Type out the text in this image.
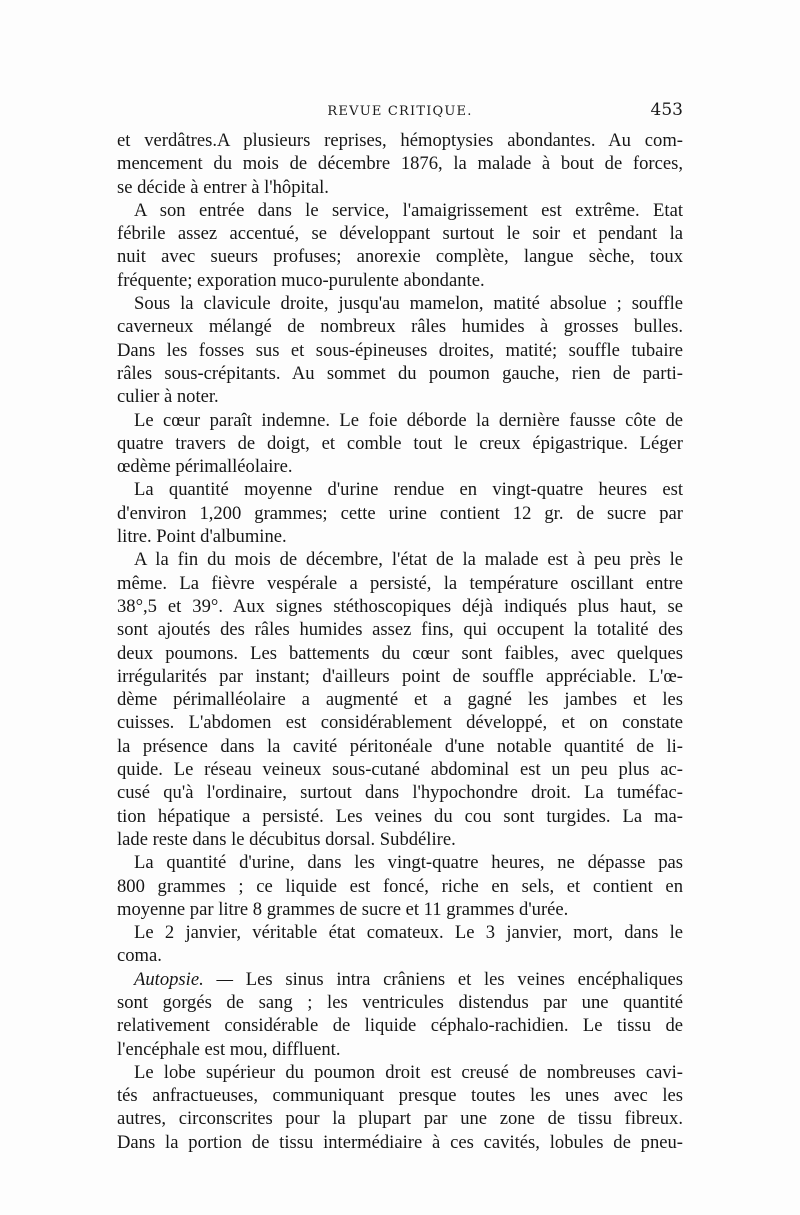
REVUE CRITIQUE.	453
et verdâtres.A plusieurs reprises, hémoptysies abondantes. Au com-
mencement du mois de décembre 1876, la malade à bout de forces,
se décide à entrer à l'hôpital.
A son entrée dans le service, l'amaigrissement est extrême. Etat
fébrile assez accentué, se développant surtout le soir et pendant la
nuit avec sueurs profuses; anorexie complète, langue sèche, toux
fréquente; exporation muco-purulente abondante.
Sous la clavicule droite, jusqu'au mamelon, matité absolue ; souffle
caverneux mélangé de nombreux râles humides à grosses bulles.
Dans les fosses sus et sous-épineuses droites, matité; souffle tubaire
râles sous-crépitants. Au sommet du poumon gauche, rien de parti-
culier à noter.
Le cœur paraît indemne. Le foie déborde la dernière fausse côte de
quatre travers de doigt, et comble tout le creux épigastrique. Léger
œdème périmalléolaire.
La quantité moyenne d'urine rendue en vingt-quatre heures est
d'environ 1,200 grammes; cette urine contient 12 gr. de sucre par
litre. Point d'albumine.
A la fin du mois de décembre, l'état de la malade est à peu près le
même. La fièvre vespérale a persisté, la température oscillant entre
38°,5 et 39°. Aux signes stéthoscopiques déjà indiqués plus haut, se
sont ajoutés des râles humides assez fins, qui occupent la totalité des
deux poumons. Les battements du cœur sont faibles, avec quelques
irrégularités par instant; d'ailleurs point de souffle appréciable. L'œ-
dème périmalléolaire a augmenté et a gagné les jambes et les
cuisses. L'abdomen est considérablement développé, et on constate
la présence dans la cavité péritonéale d'une notable quantité de li-
quide. Le réseau veineux sous-cutané abdominal est un peu plus ac-
cusé qu'à l'ordinaire, surtout dans l'hypochondre droit. La tuméfac-
tion hépatique a persisté. Les veines du cou sont turgides. La ma-
lade reste dans le décubitus dorsal. Subdélire.
La quantité d'urine, dans les vingt-quatre heures, ne dépasse pas
800 grammes ; ce liquide est foncé, riche en sels, et contient en
moyenne par litre 8 grammes de sucre et 11 grammes d'urée.
Le 2 janvier, véritable état comateux. Le 3 janvier, mort, dans le
coma.
Autopsie. — Les sinus intra crâniens et les veines encéphaliques
sont gorgés de sang ; les ventricules distendus par une quantité
relativement considérable de liquide céphalo-rachidien. Le tissu de
l'encéphale est mou, diffluent.
Le lobe supérieur du poumon droit est creusé de nombreuses cavi-
tés anfractueuses, communiquant presque toutes les unes avec les
autres, circonscrites pour la plupart par une zone de tissu fibreux.
Dans la portion de tissu intermédiaire à ces cavités, lobules de pneu-
